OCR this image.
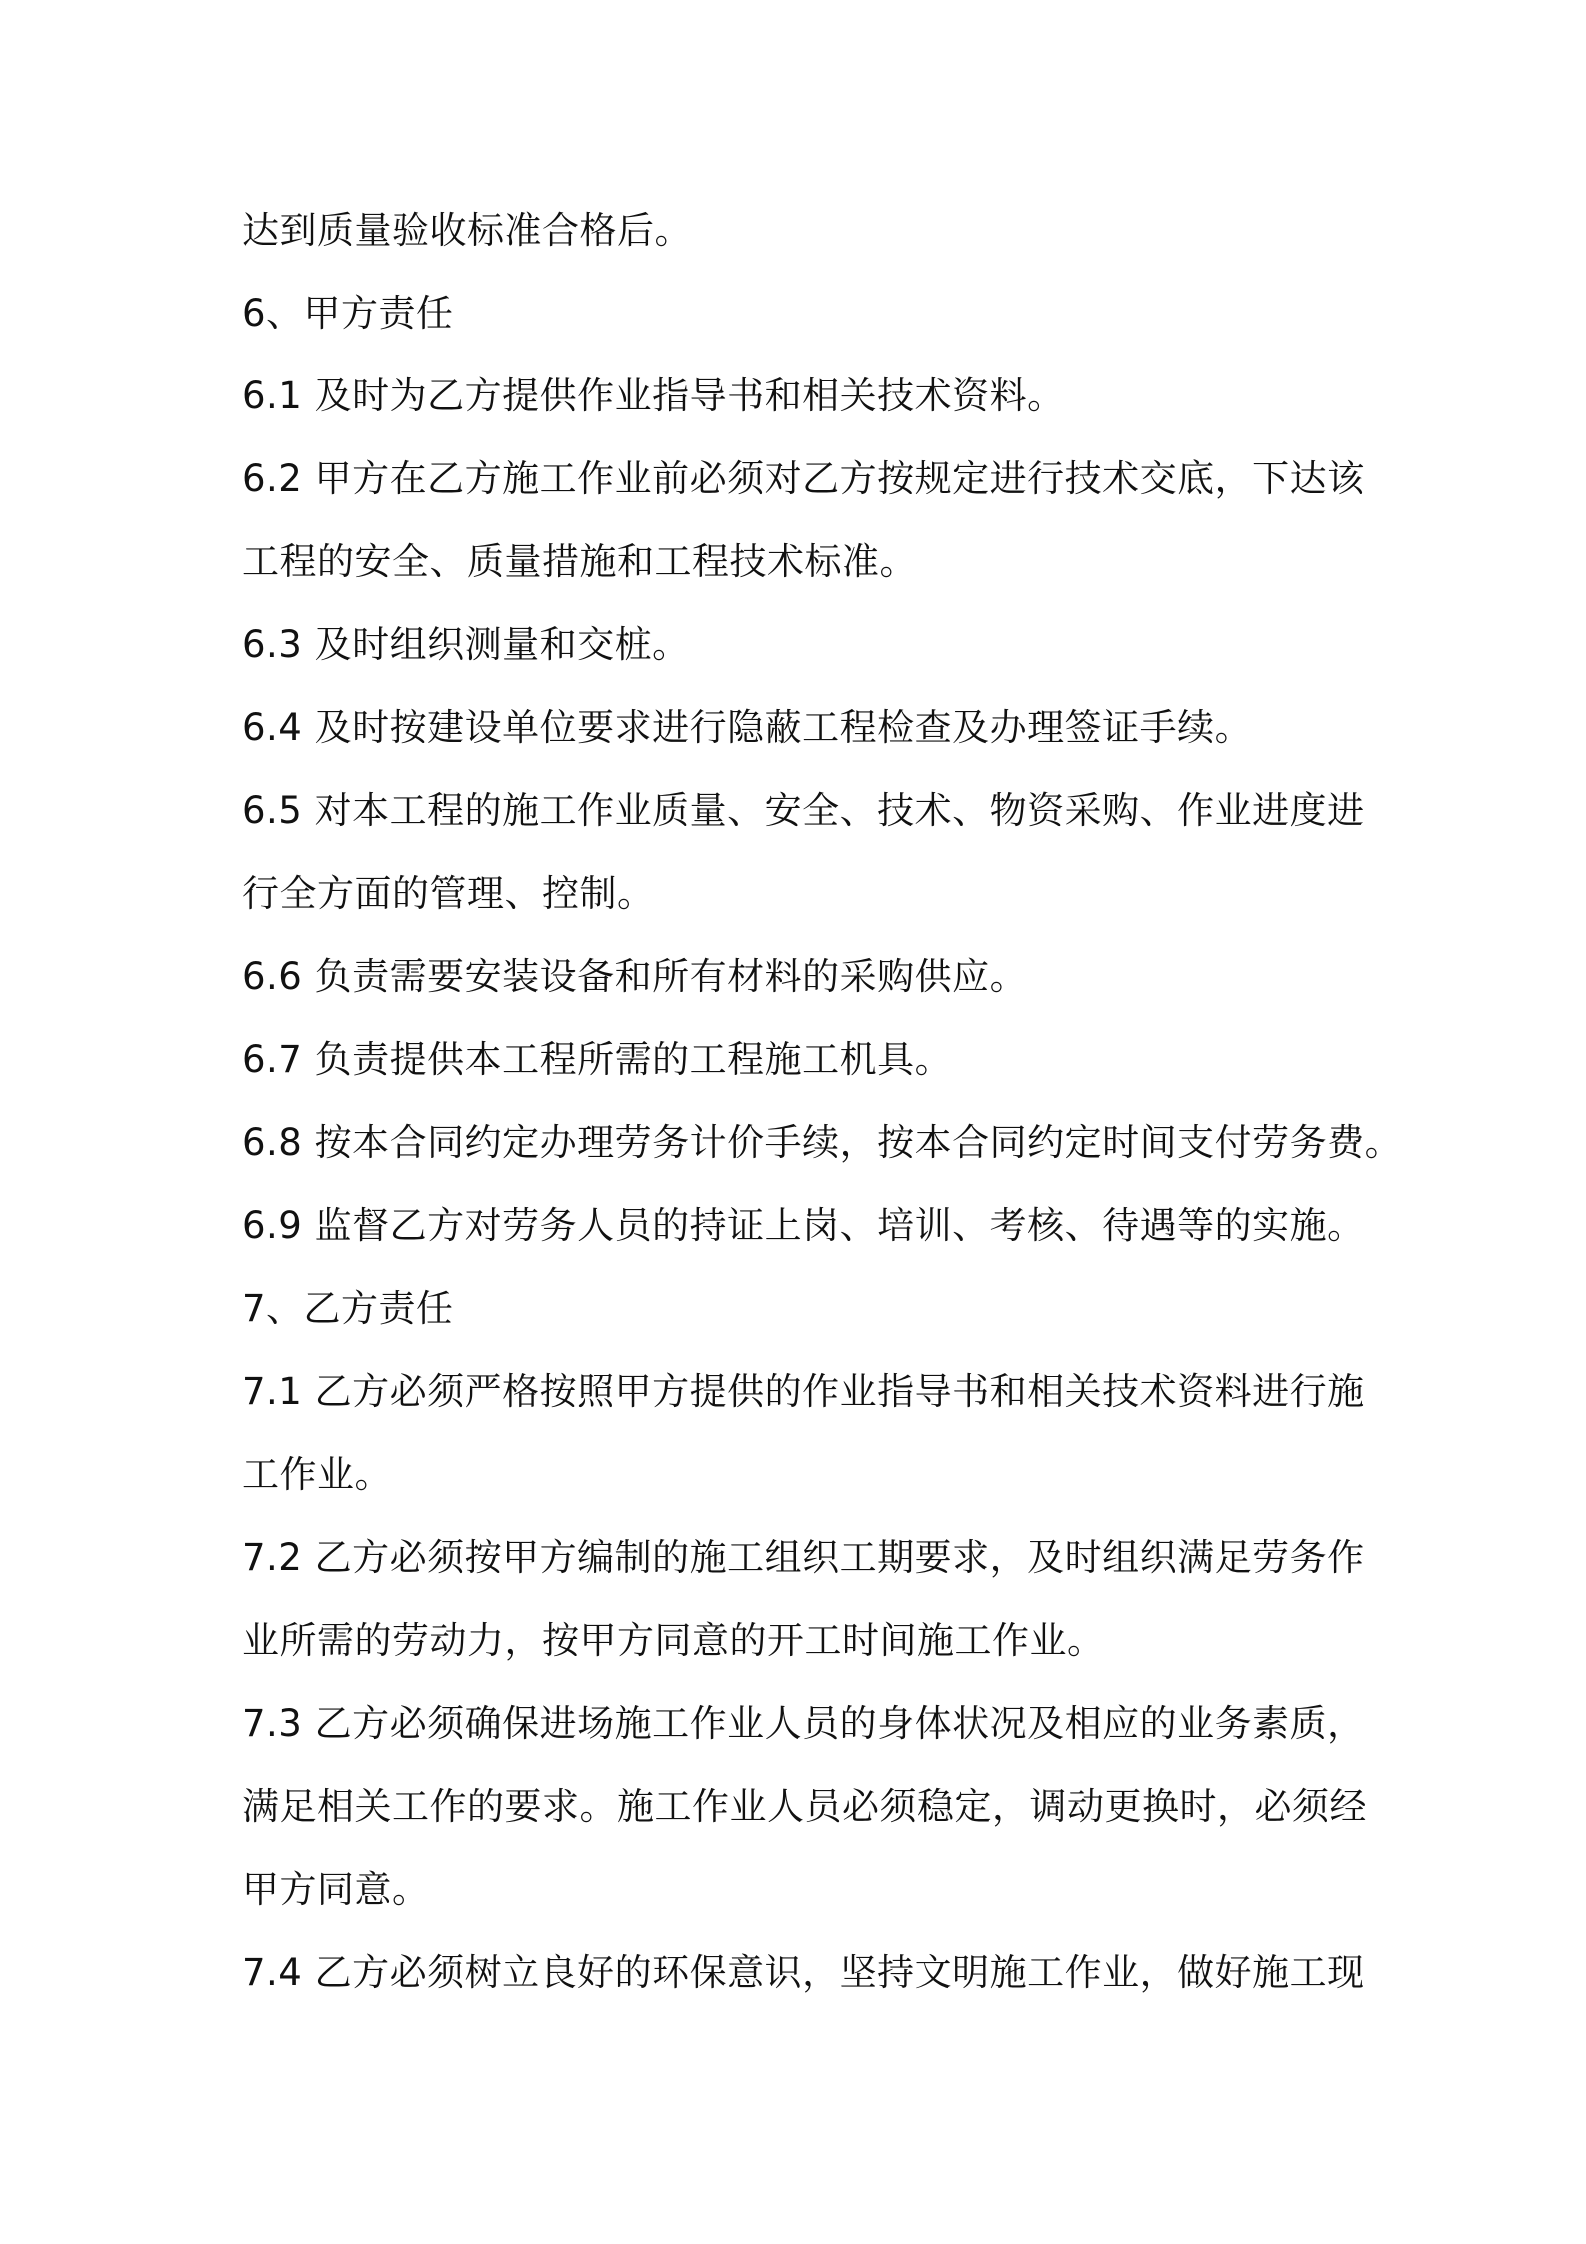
达到质量验收标准合格后。
6、甲方责任
6.1 及时为乙方提供作业指导书和相关技术资料。
6.2 甲方在乙方施工作业前必须对乙方按规定进行技术交底，下达该
工程的安全、质量措施和工程技术标准。
6.3 及时组织测量和交桩。
6.4 及时按建设单位要求进行隐蔽工程检查及办理签证手续。
6.5 对本工程的施工作业质量、安全、技术、物资采购、作业进度进
行全方面的管理、控制。
6.6 负责需要安装设备和所有材料的采购供应。
6.7 负责提供本工程所需的工程施工机具。
6.8 按本合同约定办理劳务计价手续，按本合同约定时间支付劳务费。
6.9 监督乙方对劳务人员的持证上岗、培训、考核、待遇等的实施。
7、乙方责任
7.1 乙方必须严格按照甲方提供的作业指导书和相关技术资料进行施
工作业。
7.2 乙方必须按甲方编制的施工组织工期要求，及时组织满足劳务作
业所需的劳动力，按甲方同意的开工时间施工作业。
7.3 乙方必须确保进场施工作业人员的身体状况及相应的业务素质，
满足相关工作的要求。施工作业人员必须稳定，调动更换时，必须经
甲方同意。
7.4 乙方必须树立良好的环保意识，坚持文明施工作业，做好施工现
